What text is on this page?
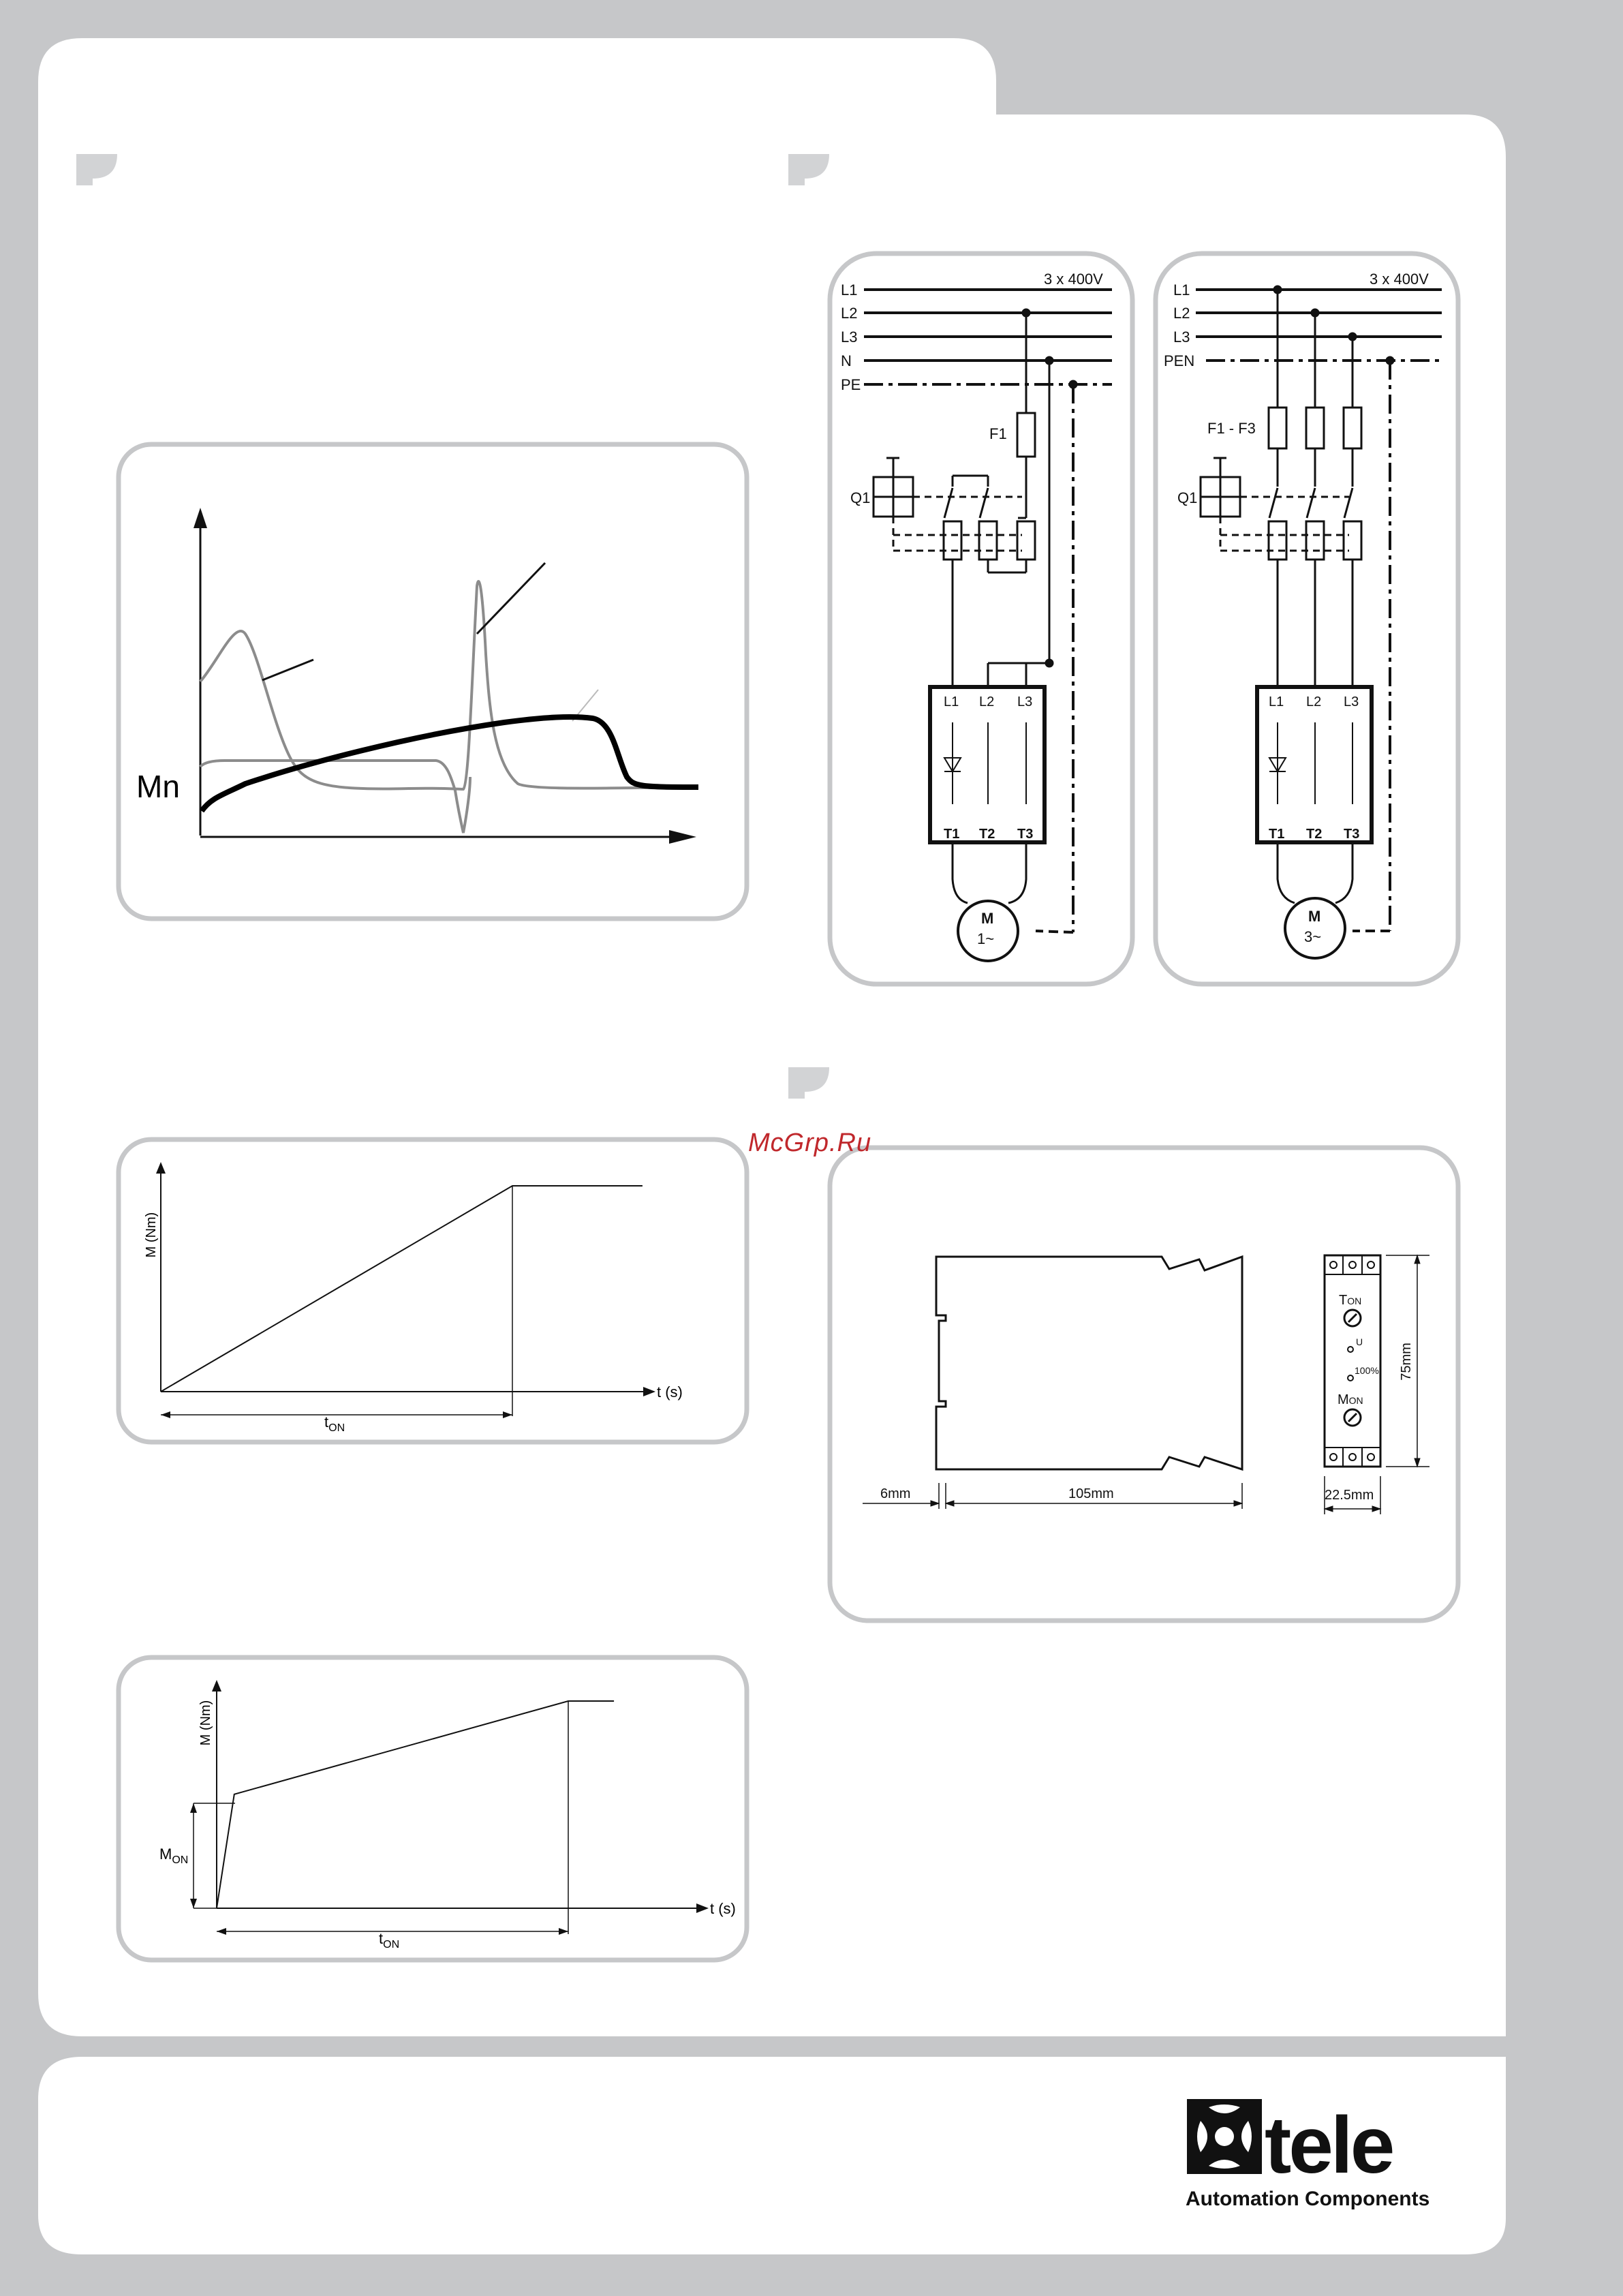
Mn
3 x 400V
L1
L2
L3
N
PE
F1
Q1
L1 L2 L3
T1 T2 T3
M
1~
3 x 400V
L1
L2
L3
PEN
F1 - F3
Q1
L1 L2 L3
T1 T2 T3
M
3~
M (Nm)
t (s)
$t_{ON}$
M (Nm)
t (s)
$t_{ON}$
$M_{ON}$
6mm	105mm	22.5mm
75mm
TON
U
100%
MON
tele
McGrp.Ru
Automation Components
